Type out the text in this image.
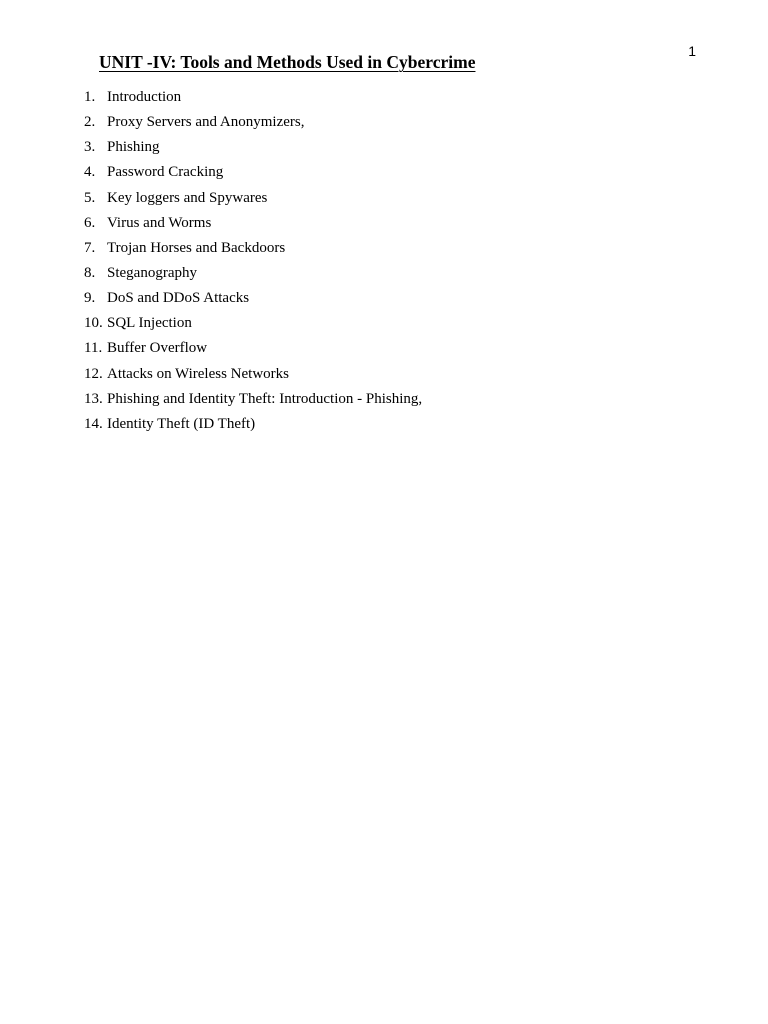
1
UNIT -IV: Tools and Methods Used in Cybercrime
1. Introduction
2. Proxy Servers and Anonymizers,
3. Phishing
4. Password Cracking
5. Key loggers and Spywares
6. Virus and Worms
7. Trojan Horses and Backdoors
8. Steganography
9. DoS and DDoS Attacks
10. SQL Injection
11. Buffer Overflow
12. Attacks on Wireless Networks
13. Phishing and Identity Theft: Introduction - Phishing,
14. Identity Theft (ID Theft)
